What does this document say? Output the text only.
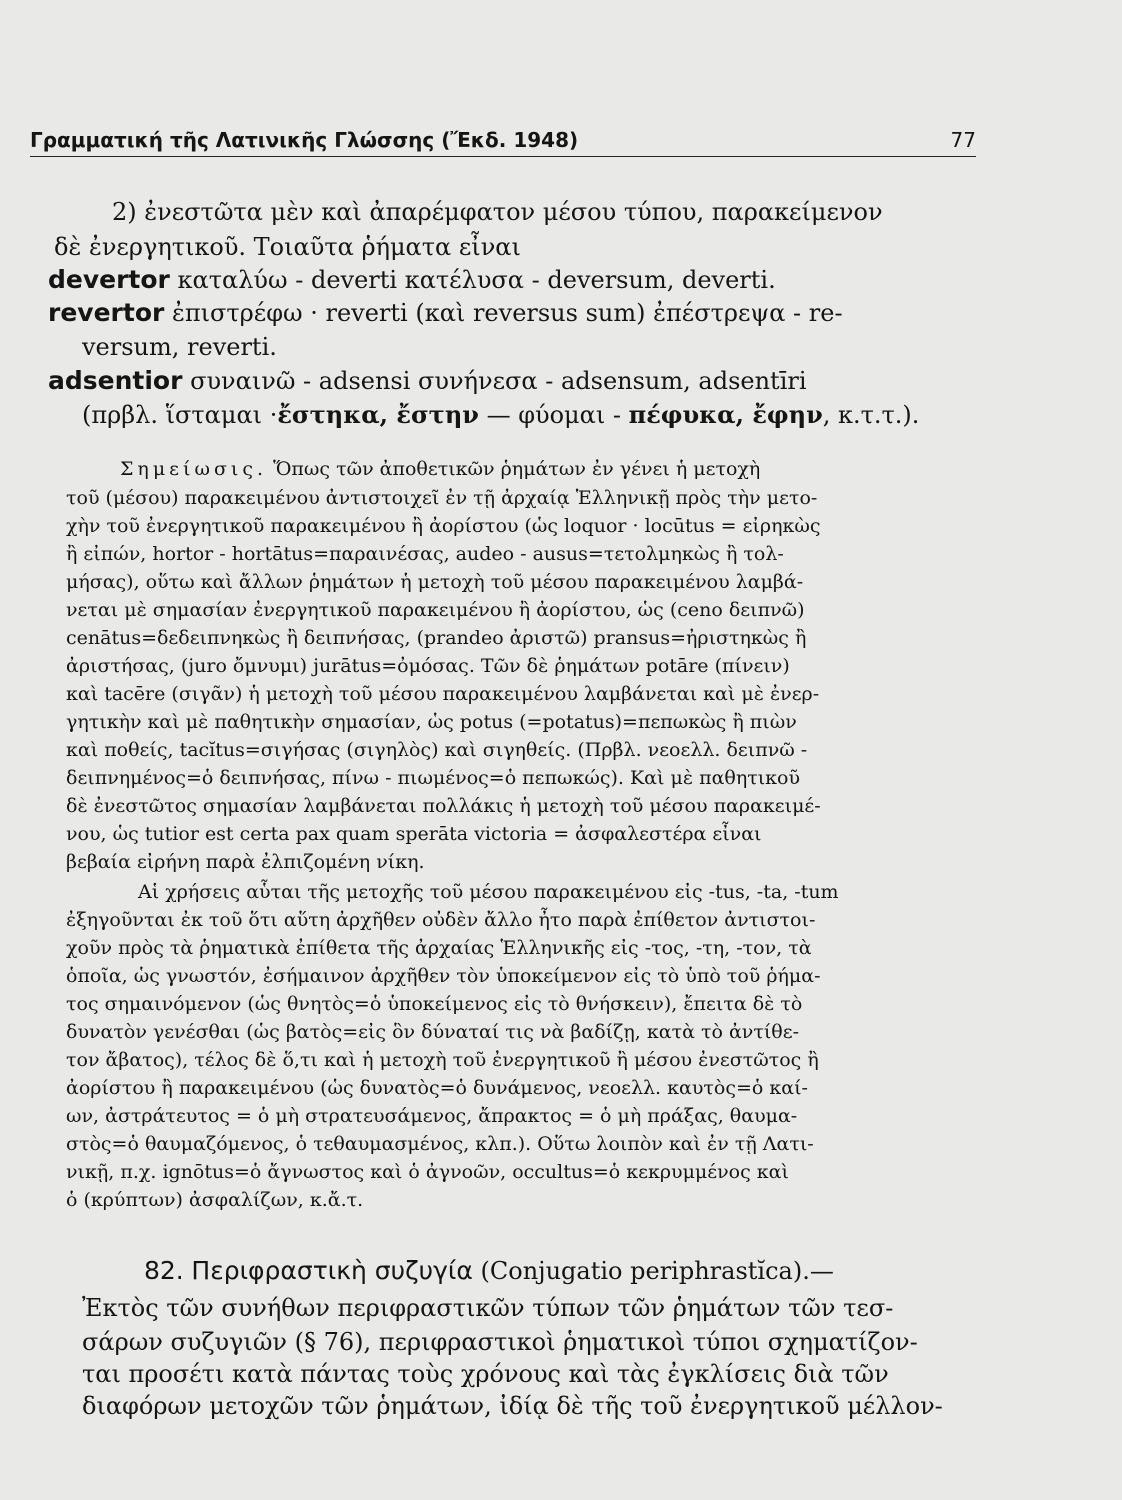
Γραμματική τῆς Λατινικῆς Γλώσσης (Ἔκδ. 1948)	77
2) ἐνεστῶτα μὲν καὶ ἀπαρέμφατον μέσου τύπου, παρακείμενον
δὲ ἐνεργητικοῦ. Τοιαῦτα ῥήματα εἶναι
devertor καταλύω - deverti κατέλυσα - deversum, deverti.
revertor ἐπιστρέφω · reverti (καὶ reversus sum) ἐπέστρεψα - re-
versum, reverti.
adsentior συναινῶ - adsensi συνήνεσα - adsensum, adsentīri
(πρβλ. ἵσταμαι ·ἔστηκα, ἔστην — φύομαι - πέφυκα, ἔφην, κ.τ.τ.).
Σημείωσις. Ὅπως τῶν ἀποθετικῶν ῥημάτων ἐν γένει ἡ μετοχὴ
τοῦ (μέσου) παρακειμένου ἀντιστοιχεῖ ἐν τῇ ἀρχαίᾳ Ἑλληνικῇ πρὸς τὴν μετο-
χὴν τοῦ ἐνεργητικοῦ παρακειμένου ἢ ἀορίστου (ὡς loquor · locūtus = εἰρηκὼς
ἢ εἰπών, hortor - hortātus=παραινέσας, audeo - ausus=τετολμηκὼς ἢ τολ-
μήσας), οὕτω καὶ ἄλλων ῥημάτων ἡ μετοχὴ τοῦ μέσου παρακειμένου λαμβά-
νεται μὲ σημασίαν ἐνεργητικοῦ παρακειμένου ἢ ἀορίστου, ὡς (ceno δειπνῶ)
cenātus=δεδειπνηκὼς ἢ δειπνήσας, (prandeo ἀριστῶ) pransus=ἠριστηκὼς ἢ
ἀριστήσας, (juro ὄμνυμι) jurātus=ὀμόσας. Τῶν δὲ ῥημάτων potāre (πίνειν)
καὶ tacēre (σιγᾶν) ἡ μετοχὴ τοῦ μέσου παρακειμένου λαμβάνεται καὶ μὲ ἐνερ-
γητικὴν καὶ μὲ παθητικὴν σημασίαν, ὡς potus (=potatus)=πεπωκὼς ἢ πιὼν
καὶ ποθείς, tacĭtus=σιγήσας (σιγηλὸς) καὶ σιγηθείς. (Πρβλ. νεοελλ. δειπνῶ -
δειπνημένος=ὁ δειπνήσας, πίνω - πιωμένος=ὁ πεπωκώς). Καὶ μὲ παθητικοῦ
δὲ ἐνεστῶτος σημασίαν λαμβάνεται πολλάκις ἡ μετοχὴ τοῦ μέσου παρακειμέ-
νου, ὡς tutior est certa pax quam sperāta victoria = ἀσφαλεστέρα εἶναι
βεβαία εἰρήνη παρὰ ἐλπιζομένη νίκη.
Αἱ χρήσεις αὗται τῆς μετοχῆς τοῦ μέσου παρακειμένου εἰς -tus, -ta, -tum
ἐξηγοῦνται ἐκ τοῦ ὅτι αὕτη ἀρχῆθεν οὐδὲν ἄλλο ἦτο παρὰ ἐπίθετον ἀντιστοι-
χοῦν πρὸς τὰ ῥηματικὰ ἐπίθετα τῆς ἀρχαίας Ἑλληνικῆς εἰς -τος, -τη, -τον, τὰ
ὁποῖα, ὡς γνωστόν, ἐσήμαινον ἀρχῆθεν τὸν ὑποκείμενον εἰς τὸ ὑπὸ τοῦ ῥήμα-
τος σημαινόμενον (ὡς θνητὸς=ὁ ὑποκείμενος εἰς τὸ θνήσκειν), ἔπειτα δὲ τὸ
δυνατὸν γενέσθαι (ὡς βατὸς=εἰς ὃν δύναταί τις νὰ βαδίζῃ, κατὰ τὸ ἀντίθε-
τον ἄβατος), τέλος δὲ ὅ,τι καὶ ἡ μετοχὴ τοῦ ἐνεργητικοῦ ἢ μέσου ἐνεστῶτος ἢ
ἀορίστου ἢ παρακειμένου (ὡς δυνατὸς=ὁ δυνάμενος, νεοελλ. καυτὸς=ὁ καί-
ων, ἀστράτευτος = ὁ μὴ στρατευσάμενος, ἄπρακτος = ὁ μὴ πράξας, θαυμα-
στὸς=ὁ θαυμαζόμενος, ὁ τεθαυμασμένος, κλπ.). Οὕτω λοιπὸν καὶ ἐν τῇ Λατι-
νικῇ, π.χ. ignōtus=ὁ ἄγνωστος καὶ ὁ ἀγνοῶν, occultus=ὁ κεκρυμμένος καὶ
ὁ (κρύπτων) ἀσφαλίζων, κ.ἄ.τ.
82. Περιφραστικὴ συζυγία (Conjugatio periphrastĭca).—
Ἐκτὸς τῶν συνήθων περιφραστικῶν τύπων τῶν ῥημάτων τῶν τεσ-
σάρων συζυγιῶν (§ 76), περιφραστικοὶ ῥηματικοὶ τύποι σχηματίζον-
ται προσέτι κατὰ πάντας τοὺς χρόνους καὶ τὰς ἐγκλίσεις διὰ τῶν
διαφόρων μετοχῶν τῶν ῥημάτων, ἰδίᾳ δὲ τῆς τοῦ ἐνεργητικοῦ μέλλον-
